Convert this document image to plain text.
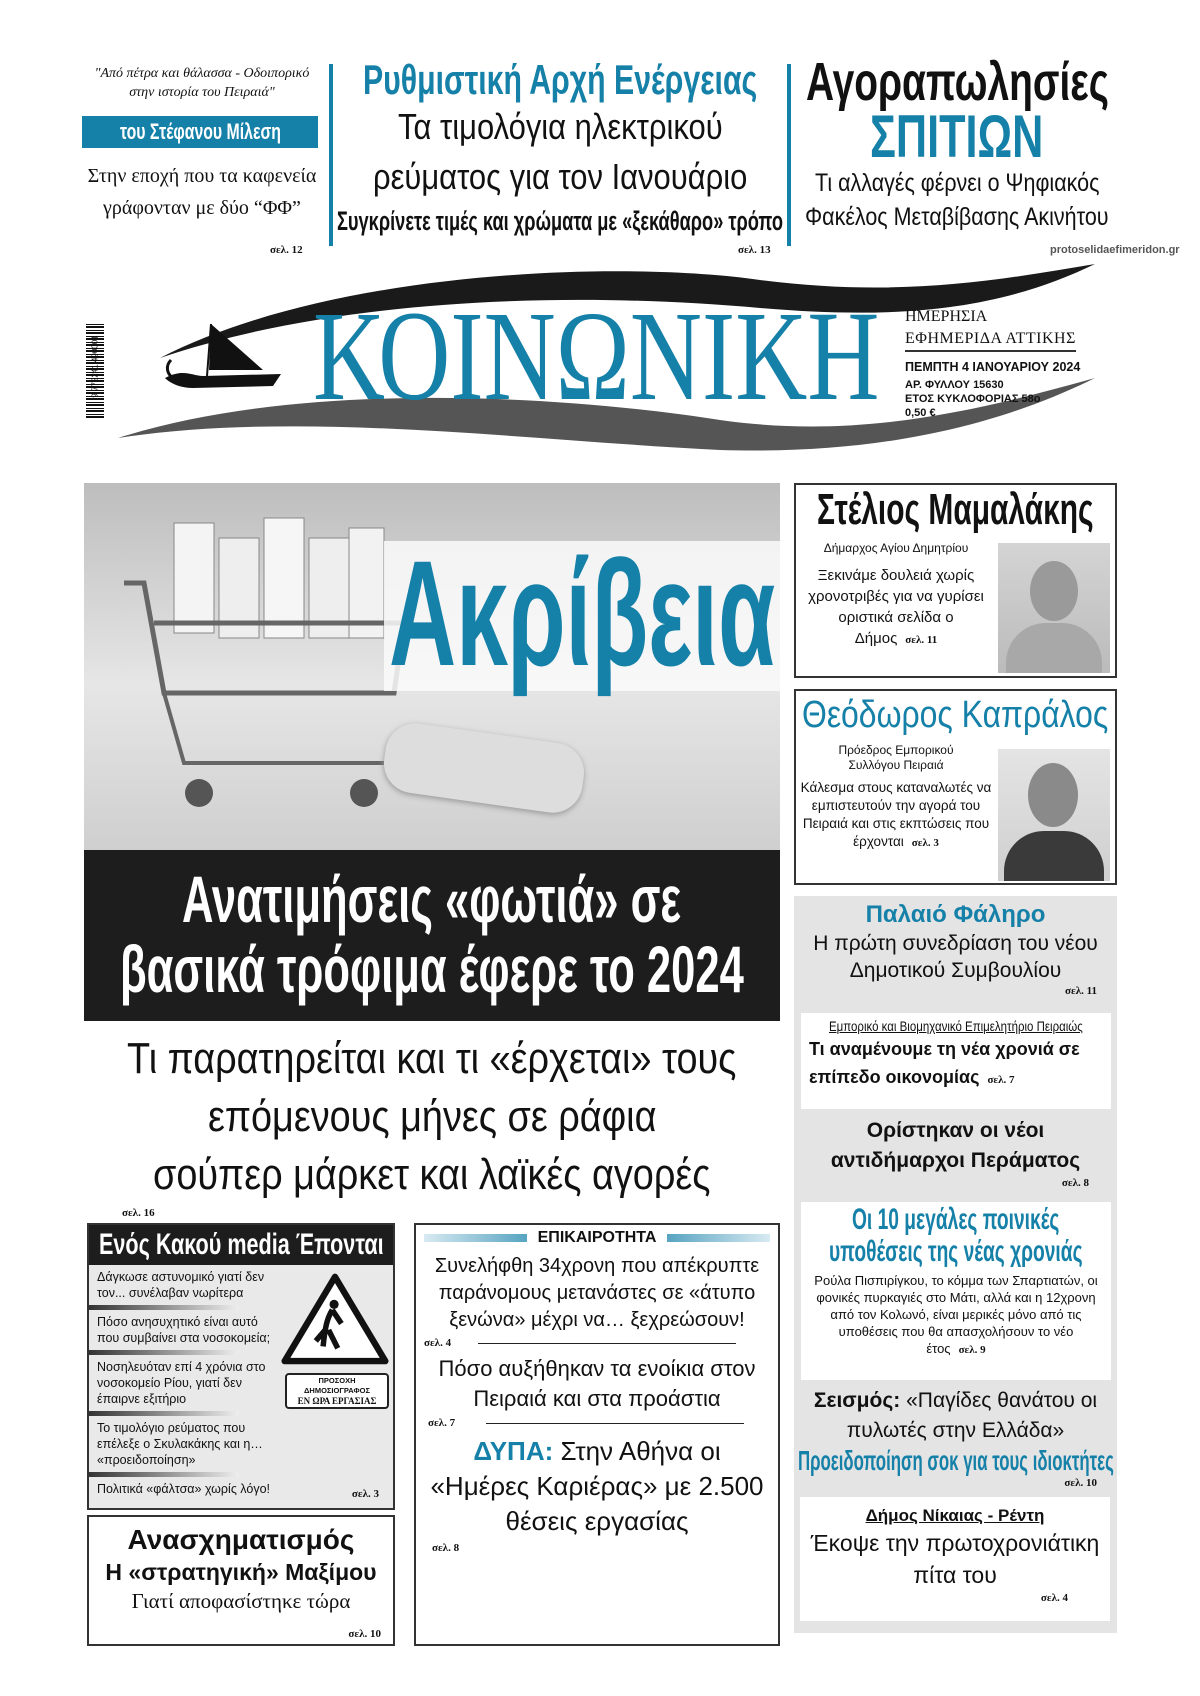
"Από πέτρα και θάλασσα - Οδοιπορικό στην ιστορία του Πειραιά"
του Στέφανου Μίλεση
Στην εποχή που τα καφενεία γράφονταν με δύο “ΦΦ”
σελ. 12
Ρυθμιστική Αρχή Ενέργειας
Τα τιμολόγια ηλεκτρικού
ρεύματος για τον Ιανουάριο
Συγκρίνετε τιμές και χρώματα με «ξεκάθαρο» τρόπο
σελ. 13
Αγοραπωλησίες
ΣΠΙΤΙΩΝ
Τι αλλαγές φέρνει ο Ψηφιακός
Φακέλος Μεταβίβασης Ακινήτου
protoselidaefimeridon.gr
9 772241 490001 ΚΟΙΝΩΝΙΚΗ ΗΜΕΡΗΣΙΑ
ΕΦΗΜΕΡΙΔΑ ΑΤΤΙΚΗΣ
ΠΕΜΠΤΗ 4 ΙΑΝΟΥΑΡΙΟΥ 2024
ΑΡ. ΦΥΛΛΟΥ 15630
ΕΤΟΣ ΚΥΚΛΟΦΟΡΙΑΣ 58ο
0,50 €
Ακρίβεια
Ανατιμήσεις «φωτιά» σε
βασικά τρόφιμα έφερε το 2024
Τι παρατηρείται και τι «έρχεται» τους
επόμενους μήνες σε ράφια
σούπερ μάρκετ και λαϊκές αγορές
σελ. 16
Ενός Κακού media Έπονται
Δάγκωσε αστυνομικό γιατί δεν τον... συνέλαβαν νωρίτερα
Πόσο ανησυχητικό είναι αυτό που συμβαίνει στα νοσοκομεία;
Νοσηλευόταν επί 4 χρόνια στο νοσοκομείο Ρίου, γιατί δεν έπαιρνε εξιτήριο
Το τιμολόγιο ρεύματος που επέλεξε ο Σκυλακάκης και η… «προειδοποίηση»
Πολιτικά «φάλτσα» χωρίς λόγο!
ΠΡΟΣΟΧΗ
ΔΗΜΟΣΙΟΓΡΑΦΟΣ
ΕΝ ΩΡΑ ΕΡΓΑΣΙΑΣ
σελ. 3
Ανασχηματισμός
Η «στρατηγική» Μαξίμου
Γιατί αποφασίστηκε τώρα
σελ. 10
ΕΠΙΚΑΙΡΟΤΗΤΑ
Συνελήφθη 34χρονη που απέκρυπτε παράνομους μετανάστες σε «άτυπο ξενώνα» μέχρι να… ξεχρεώσουν!
σελ. 4
Πόσο αυξήθηκαν τα ενοίκια στον Πειραιά και στα προάστια
σελ. 7
ΔΥΠΑ: Στην Αθήνα οι «Ημέρες Καριέρας» με 2.500 θέσεις εργασίας
σελ. 8
Στέλιος Μαμαλάκης
Δήμαρχος Αγίου Δημητρίου
Ξεκινάμε δουλειά χωρίς χρονοτριβές για να γυρίσει οριστικά σελίδα ο Δήμος σελ. 11
Θεόδωρος Καπράλος
Πρόεδρος Εμπορικού Συλλόγου Πειραιά
Κάλεσμα στους καταναλωτές να εμπιστευτούν την αγορά του Πειραιά και στις εκπτώσεις που έρχονται σελ. 3
Παλαιό Φάληρο
Η πρώτη συνεδρίαση του νέου Δημοτικού Συμβουλίου
σελ. 11
Εμπορικό και Βιομηχανικό Επιμελητήριο Πειραιώς
Τι αναμένουμε τη νέα χρονιά σε επίπεδο οικονομίας σελ. 7
Ορίστηκαν οι νέοι αντιδήμαρχοι Περάματος
σελ. 8
Οι 10 μεγάλες ποινικές
υποθέσεις της νέας χρονιάς
Ρούλα Πισπιρίγκου, το κόμμα των Σπαρτιατών, οι φονικές πυρκαγιές στο Μάτι, αλλά και η 12χρονη από τον Κολωνό, είναι μερικές μόνο από τις υποθέσεις που θα απασχολήσουν το νέο έτος σελ. 9
Σεισμός: «Παγίδες θανάτου οι πυλωτές στην Ελλάδα»
Προειδοποίηση σοκ για τους ιδιοκτήτες
σελ. 10
Δήμος Νίκαιας - Ρέντη
Έκοψε την πρωτοχρονιάτικη πίτα του
σελ. 4
